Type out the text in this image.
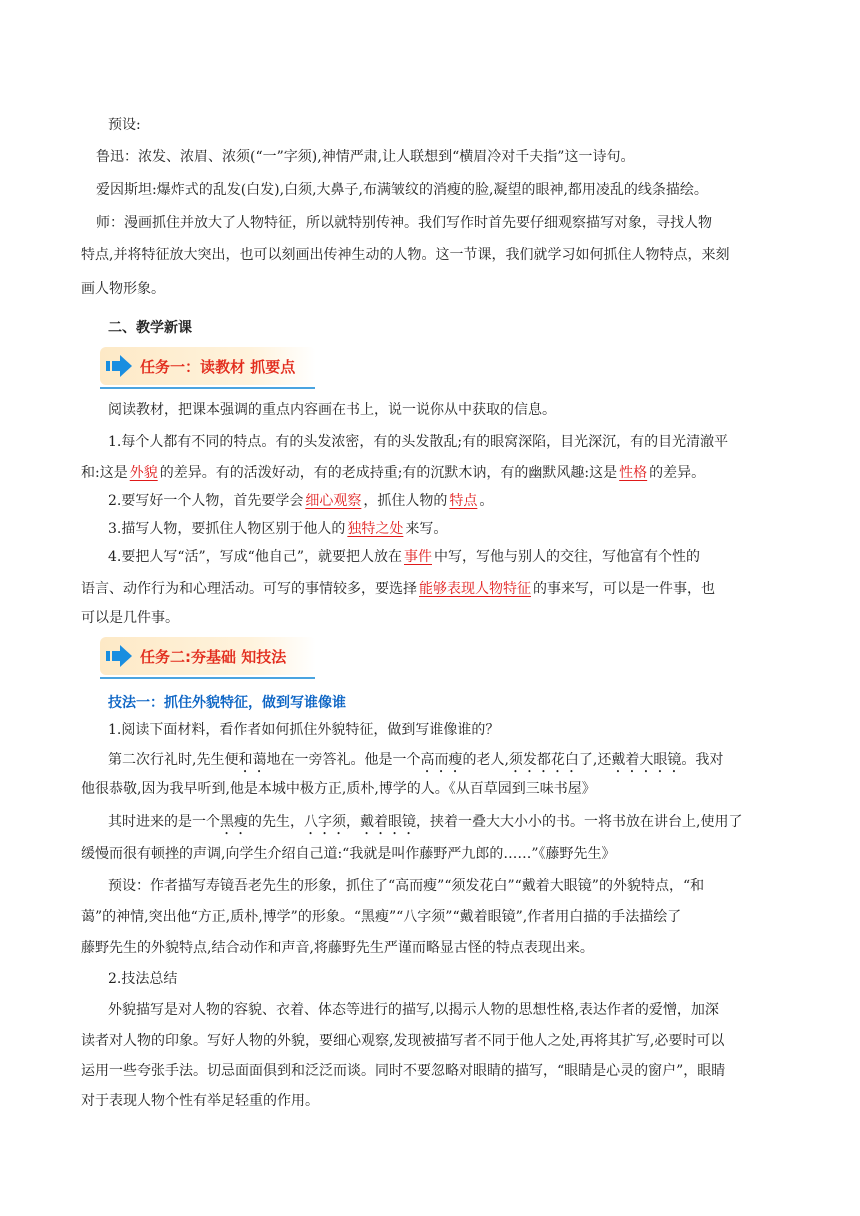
预设:
鲁迅：浓发、浓眉、浓须(“一”字须),神情严肃,让人联想到“横眉冷对千夫指”这一诗句。
爱因斯坦:爆炸式的乱发(白发),白须,大鼻子,布满皱纹的消瘦的脸,凝望的眼神,都用凌乱的线条描绘。
师：漫画抓住并放大了人物特征，所以就特别传神。我们写作时首先要仔细观察描写对象，寻找人物
特点,并将特征放大突出，也可以刻画出传神生动的人物。这一节课，我们就学习如何抓住人物特点，来刻
画人物形象。
二、教学新课
任务一：读教材 抓要点
阅读教材，把课本强调的重点内容画在书上，说一说你从中获取的信息。
1.每个人都有不同的特点。有的头发浓密，有的头发散乱;有的眼窝深陷，目光深沉，有的目光清澈平
和:这是 外貌 的差异。有的活泼好动，有的老成持重;有的沉默木讷，有的幽默风趣:这是 性格 的差异。
2.要写好一个人物，首先要学会 细心观察 ，抓住人物的 特点 。
3.描写人物，要抓住人物区别于他人的 独特之处 来写。
4.要把人写“活”，写成“他自己”，就要把人放在 事件 中写，写他与别人的交往，写他富有个性的
语言、动作行为和心理活动。可写的事情较多，要选择 能够表现人物特征 的事来写，可以是一件事，也
可以是几件事。
任务二:夯基础 知技法
技法一：抓住外貌特征，做到写谁像谁
1.阅读下面材料，看作者如何抓住外貌特征，做到写谁像谁的？
第二次行礼时,先生便和蔼地在一旁答礼。他是一个高而瘦的老人,须发都花白了,还戴着大眼镜。我对
他很恭敬,因为我早听到,他是本城中极方正,质朴,博学的人。《从百草园到三味书屋》
其时进来的是一个黑瘦的先生，八字须，戴着眼镜，挟着一叠大大小小的书。一将书放在讲台上,使用了
缓慢而很有顿挫的声调,向学生介绍自己道:“我就是叫作藤野严九郎的……”《藤野先生》
预设：作者描写寿镜吾老先生的形象，抓住了“高而瘦”“须发花白”“戴着大眼镜”的外貌特点，“和
蔼”的神情,突出他“方正,质朴,博学”的形象。“黑瘦”“八字须”“戴着眼镜”,作者用白描的手法描绘了
藤野先生的外貌特点,结合动作和声音,将藤野先生严谨而略显古怪的特点表现出来。
2.技法总结
外貌描写是对人物的容貌、衣着、体态等进行的描写,以揭示人物的思想性格,表达作者的爱憎，加深
读者对人物的印象。写好人物的外貌，要细心观察,发现被描写者不同于他人之处,再将其扩写,必要时可以
运用一些夸张手法。切忌面面俱到和泛泛而谈。同时不要忽略对眼睛的描写，“眼睛是心灵的窗户”，眼睛
对于表现人物个性有举足轻重的作用。
